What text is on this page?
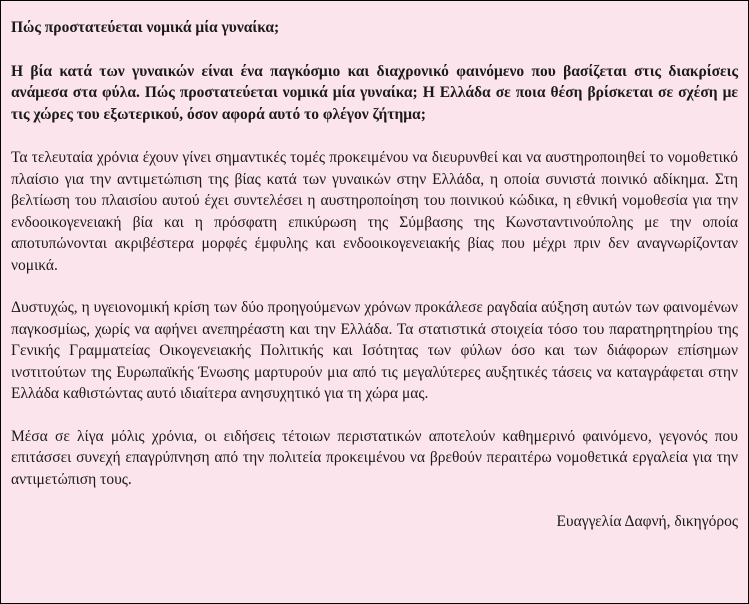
Πώς προστατεύεται νομικά μία γυναίκα;

Η βία κατά των γυναικών είναι ένα παγκόσμιο και διαχρονικό φαινόμενο που βασίζεται στις διακρίσεις ανάμεσα στα φύλα. Πώς προστατεύεται νομικά μία γυναίκα; Η Ελλάδα σε ποια θέση βρίσκεται σε σχέση με τις χώρες του εξωτερικού, όσον αφορά αυτό το φλέγον ζήτημα;

Τα τελευταία χρόνια έχουν γίνει σημαντικές τομές προκειμένου να διευρυνθεί και να αυστηροποιηθεί το νομοθετικό πλαίσιο για την αντιμετώπιση της βίας κατά των γυναικών στην Ελλάδα, η οποία συνιστά ποινικό αδίκημα. Στη βελτίωση του πλαισίου αυτού έχει συντελέσει η αυστηροποίηση του ποινικού κώδικα, η εθνική νομοθεσία για την ενδοοικογενειακή βία και η πρόσφατη επικύρωση της Σύμβασης της Κωνσταντινούπολης με την οποία αποτυπώνονται ακριβέστερα μορφές έμφυλης και ενδοοικογενειακής βίας που μέχρι πριν δεν αναγνωρίζονταν νομικά.

Δυστυχώς, η υγειονομική κρίση των δύο προηγούμενων χρόνων προκάλεσε ραγδαία αύξηση αυτών των φαινομένων παγκοσμίως, χωρίς να αφήνει ανεπηρέαστη και την Ελλάδα. Τα στατιστικά στοιχεία τόσο του παρατηρητηρίου της Γενικής Γραμματείας Οικογενειακής Πολιτικής και Ισότητας των φύλων όσο και των διάφορων επίσημων ινστιτούτων της Ευρωπαϊκής Ένωσης μαρτυρούν μια από τις μεγαλύτερες αυξητικές τάσεις να καταγράφεται στην Ελλάδα καθιστώντας αυτό ιδιαίτερα ανησυχητικό για τη χώρα μας.

Μέσα σε λίγα μόλις χρόνια, οι ειδήσεις τέτοιων περιστατικών αποτελούν καθημερινό φαινόμενο, γεγονός που επιτάσσει συνεχή επαγρύπνηση από την πολιτεία προκειμένου να βρεθούν περαιτέρω νομοθετικά εργαλεία για την αντιμετώπιση τους.

Ευαγγελία Δαφνή, δικηγόρος
